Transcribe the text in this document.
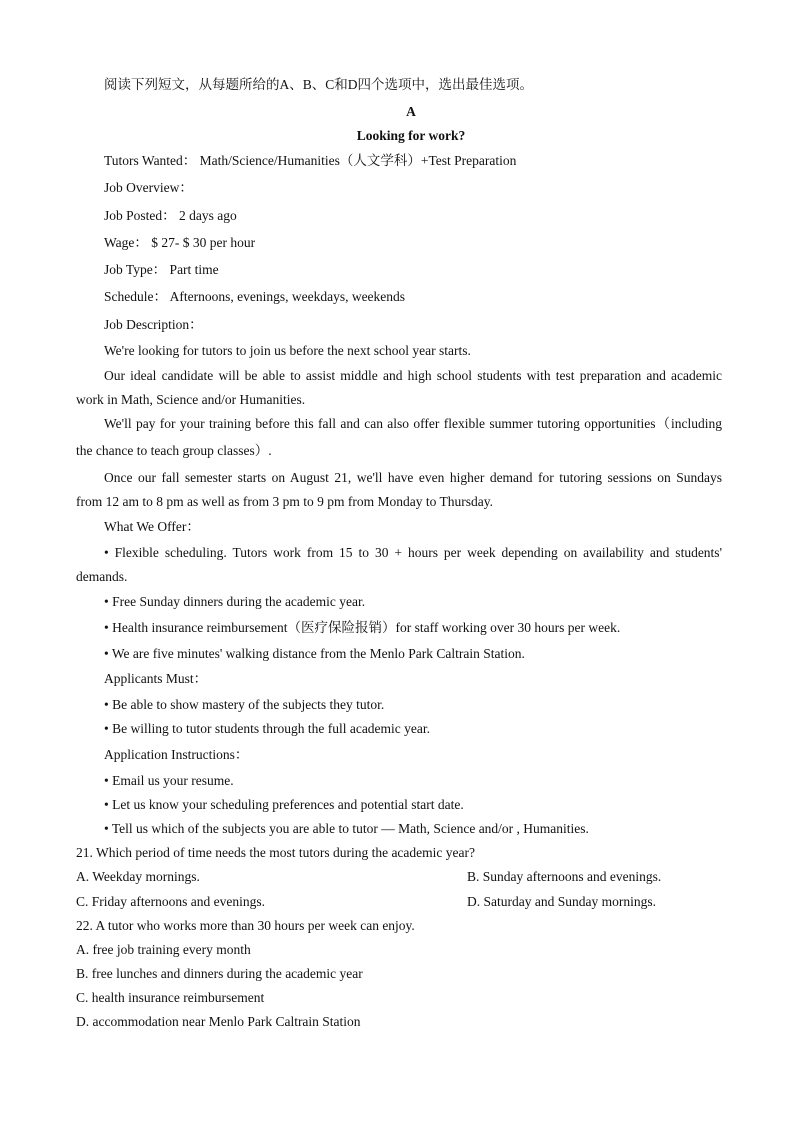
阅读下列短文，从每题所给的A、B、C和D四个选项中，选出最佳选项。
A
Looking for work?
Tutors Wanted： Math/Science/Humanities（人文学科）+Test Preparation
Job Overview：
Job Posted： 2 days ago
Wage： $ 27- $ 30 per hour
Job Type： Part time
Schedule： Afternoons, evenings, weekdays, weekends
Job Description：
We're looking for tutors to join us before the next school year starts.
Our ideal candidate will be able to assist middle and high school students with test preparation and academic
work in Math, Science and/or Humanities.
We'll pay for your training before this fall and can also offer flexible summer tutoring opportunities（including
the chance to teach group classes）.
Once our fall semester starts on August 21, we'll have even higher demand for tutoring sessions on Sundays
from 12 am to 8 pm as well as from 3 pm to 9 pm from Monday to Thursday.
What We Offer：
• Flexible scheduling. Tutors work from 15 to 30 + hours per week depending on availability and students'
demands.
• Free Sunday dinners during the academic year.
• Health insurance reimbursement（医疗保险报销）for staff working over 30 hours per week.
• We are five minutes' walking distance from the Menlo Park Caltrain Station.
Applicants Must：
• Be able to show mastery of the subjects they tutor.
• Be willing to tutor students through the full academic year.
Application Instructions：
• Email us your resume.
• Let us know your scheduling preferences and potential start date.
• Tell us which of the subjects you are able to tutor — Math, Science and/or , Humanities.
21. Which period of time needs the most tutors during the academic year?
A. Weekday mornings.	B. Sunday afternoons and evenings.
C. Friday afternoons and evenings.	D. Saturday and Sunday mornings.
22. A tutor who works more than 30 hours per week can enjoy.
A. free job training every month
B. free lunches and dinners during the academic year
C. health insurance reimbursement
D. accommodation near Menlo Park Caltrain Station
